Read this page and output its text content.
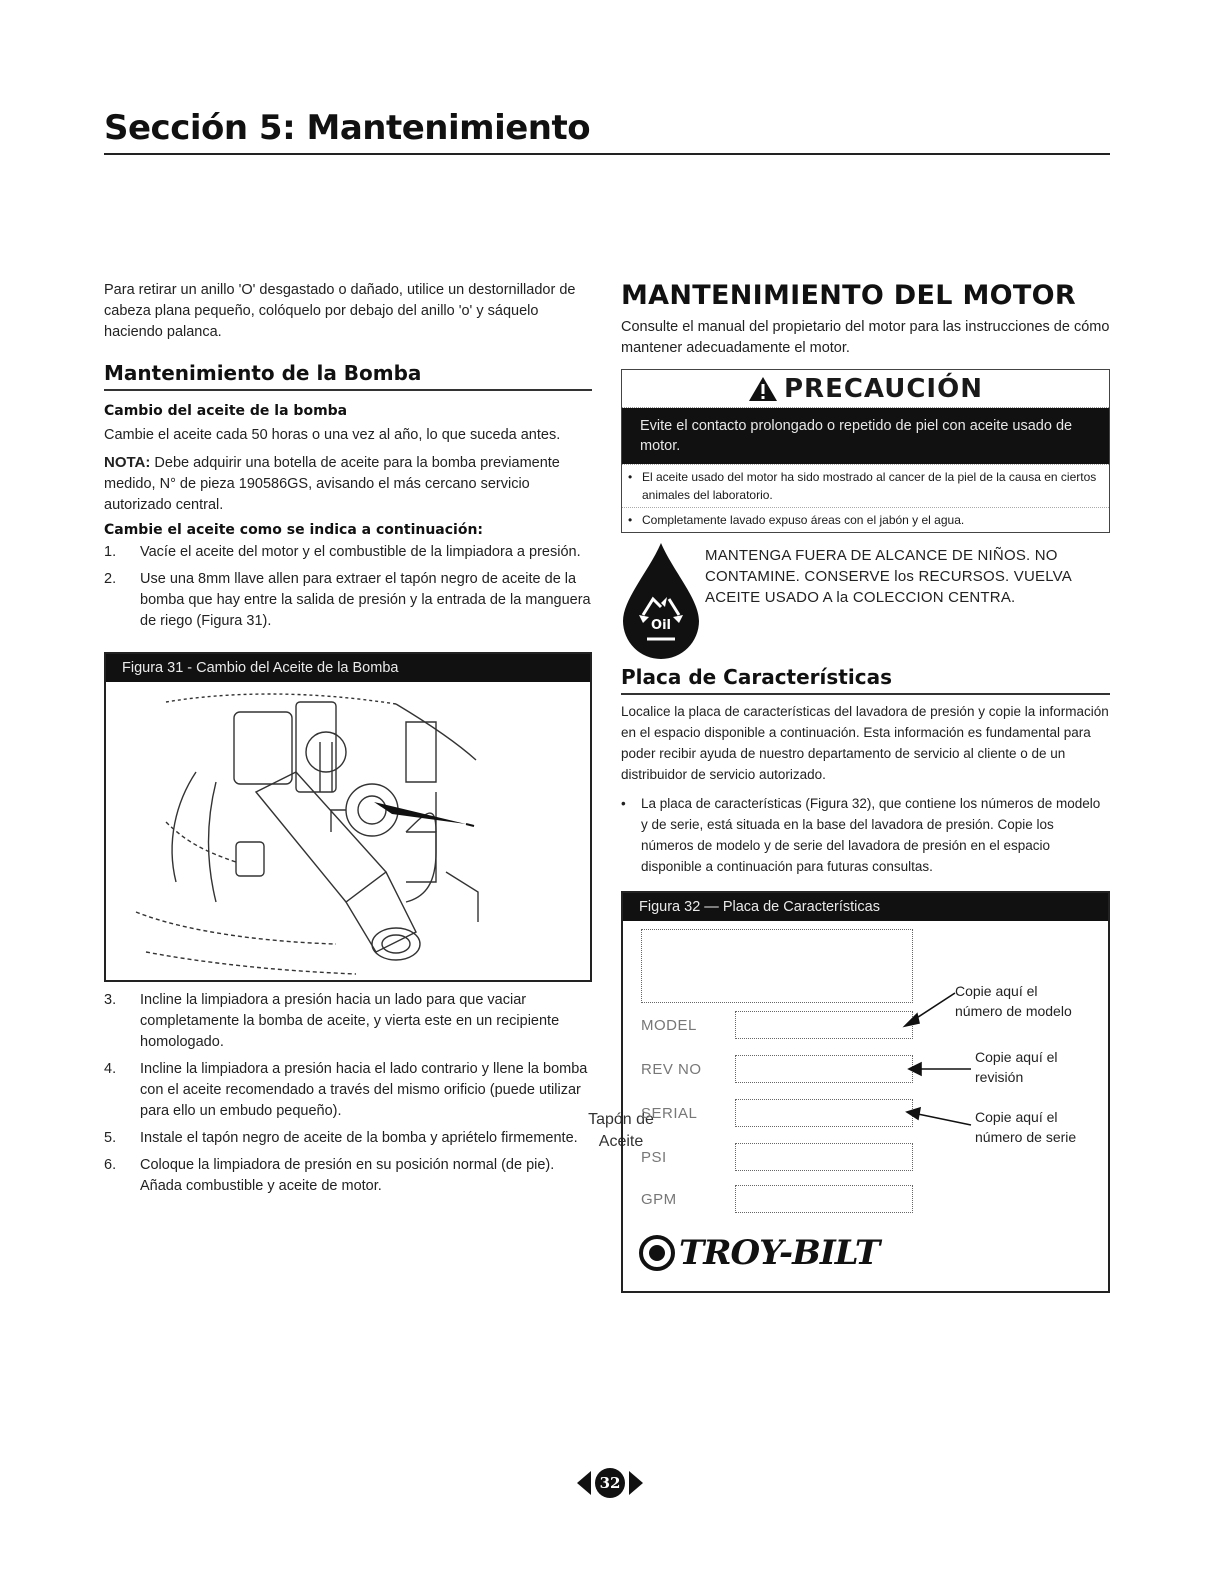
Sección 5: Mantenimiento

Para retirar un anillo 'O' desgastado o dañado, utilice un destornillador de cabeza plana pequeño, colóquelo por debajo del anillo 'o' y sáquelo haciendo palanca.

Mantenimiento de la Bomba
Cambio del aceite de la bomba

Cambie el aceite cada 50 horas o una vez al año, lo que suceda antes.

NOTA: Debe adquirir una botella de aceite para la bomba previamente medido, N° de pieza 190586GS, avisando el más cercano servicio autorizado central.

Cambie el aceite como se indica a continuación:
1.	Vacíe el aceite del motor y el combustible de la limpiadora a presión.
2.	Use una 8mm llave allen para extraer el tapón negro de aceite de la bomba que hay entre la salida de presión y la entrada de la manguera de riego (Figura 31).
Figura 31 - Cambio del Aceite de la Bomba
Tapón de
Aceite
3.	Incline la limpiadora a presión hacia un lado para que vaciar completamente la bomba de aceite, y vierta este en un recipiente homologado.
4.	Incline la limpiadora a presión hacia el lado contrario y llene la bomba con el aceite recomendado a través del mismo orificio (puede utilizar para ello un embudo pequeño).
5.	Instale el tapón negro de aceite de la bomba y apriételo firmemente.
6.	Coloque la limpiadora de presión en su posición normal (de pie). Añada combustible y aceite de motor.
MANTENIMIENTO DEL MOTOR

Consulte el manual del propietario del motor para las instrucciones de cómo mantener adecuadamente el motor.

PRECAUCIÓN
Evite el contacto prolongado o repetido de piel con aceite usado de motor.
• El aceite usado del motor ha sido mostrado al cancer de la piel de la causa en ciertos animales del laboratorio.
• Completamente lavado expuso áreas con el jabón y el agua.
Oil
MANTENGA FUERA DE ALCANCE DE NIÑOS. NO
CONTAMINE. CONSERVE los RECURSOS. VUELVA
ACEITE USADO A la COLECCION CENTRA.
Placa de Características

Localice la placa de características del lavadora de presión y copie la información en el espacio disponible a continuación. Esta información es fundamental para poder recibir ayuda de nuestro departamento de servicio al cliente o de un distribuidor de servicio autorizado.

•	La placa de características (Figura 32), que contiene los números de modelo y de serie, está situada en la base del lavadora de presión. Copie los números de modelo y de serie del lavadora de presión en el espacio disponible a continuación para futuras consultas.
Figura 32 — Placa de Características
MODEL
REV NO
SERIAL
PSI
GPM
Copie aquí el
número de modelo
Copie aquí el
revisión
Copie aquí el
número de serie
TROY-BILT
32
